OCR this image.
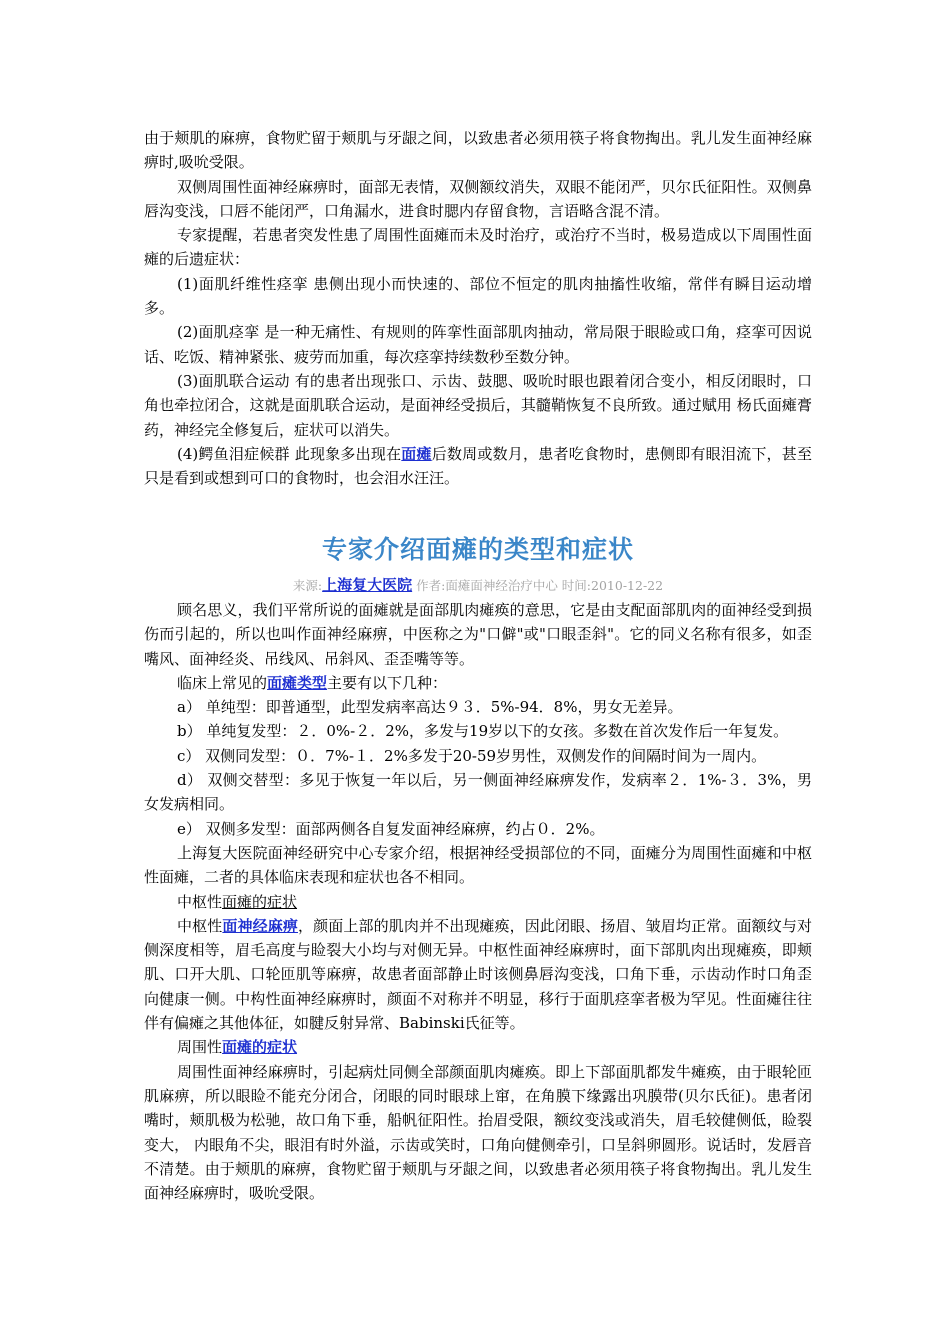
由于颊肌的麻痹，食物贮留于颊肌与牙龈之间，以致患者必须用筷子将食物掏出。乳儿发生面神经麻痹时,吸吮受限。

双侧周围性面神经麻痹时，面部无表情，双侧额纹消失，双眼不能闭严，贝尔氏征阳性。双侧鼻唇沟变浅，口唇不能闭严，口角漏水，进食时腮内存留食物，言语略含混不清。

专家提醒，若患者突发性患了周围性面瘫而未及时治疗，或治疗不当时，极易造成以下周围性面瘫的后遗症状：

(1)面肌纤维性痉挛 患侧出现小而快速的、部位不恒定的肌肉抽搐性收缩，常伴有瞬目运动增多。

(2)面肌痉挛 是一种无痛性、有规则的阵挛性面部肌肉抽动，常局限于眼睑或口角，痉挛可因说话、吃饭、精神紧张、疲劳而加重，每次痉挛持续数秒至数分钟。

(3)面肌联合运动 有的患者出现张口、示齿、鼓腮、吸吮时眼也跟着闭合变小，相反闭眼时，口角也牵拉闭合，这就是面肌联合运动，是面神经受损后，其髓鞘恢复不良所致。通过赋用 杨氏面瘫膏药，神经完全修复后，症状可以消失。

(4)鳄鱼泪症候群 此现象多出现在面瘫后数周或数月，患者吃食物时，患侧即有眼泪流下，甚至只是看到或想到可口的食物时，也会泪水汪汪。

专家介绍面瘫的类型和症状
来源:上海复大医院 作者:面瘫面神经治疗中心 时间:2010-12-22

顾名思义，我们平常所说的面瘫就是面部肌肉瘫痪的意思，它是由支配面部肌肉的面神经受到损伤而引起的，所以也叫作面神经麻痹，中医称之为"口僻"或"口眼歪斜"。它的同义名称有很多，如歪嘴风、面神经炎、吊线风、吊斜风、歪歪嘴等等。

临床上常见的面瘫类型主要有以下几种：

a） 单纯型：即普通型，此型发病率高达９３．5%-94．8%，男女无差异。

b） 单纯复发型：２．0%-２．2%，多发与19岁以下的女孩。多数在首次发作后一年复发。

c） 双侧同发型：０．7%-１．2%多发于20-59岁男性，双侧发作的间隔时间为一周内。

d） 双侧交替型：多见于恢复一年以后，另一侧面神经麻痹发作，发病率２．1%-３．3%，男女发病相同。

e） 双侧多发型：面部两侧各自复发面神经麻痹，约占０．2%。

上海复大医院面神经研究中心专家介绍，根据神经受损部位的不同，面瘫分为周围性面瘫和中枢性面瘫，二者的具体临床表现和症状也各不相同。

中枢性面瘫的症状

中枢性面神经麻痹，颜面上部的肌肉并不出现瘫痪，因此闭眼、扬眉、皱眉均正常。面额纹与对侧深度相等，眉毛高度与睑裂大小均与对侧无异。中枢性面神经麻痹时，面下部肌肉出现瘫痪，即颊肌、口开大肌、口轮匝肌等麻痹，故患者面部静止时该侧鼻唇沟变浅，口角下垂，示齿动作时口角歪向健康一侧。中构性面神经麻痹时，颜面不对称并不明显，移行于面肌痉挛者极为罕见。性面瘫往往伴有偏瘫之其他体征，如腱反射异常、Babinski氏征等。

周围性面瘫的症状

周围性面神经麻痹时，引起病灶同侧全部颜面肌肉瘫痪。即上下部面肌都发牛瘫痪，由于眼轮匝肌麻痹，所以眼睑不能充分闭合，闭眼的同时眼球上窜，在角膜下缘露出巩膜带(贝尔氏征)。患者闭嘴时，颊肌极为松驰，故口角下垂，船帆征阳性。抬眉受限，额纹变浅或消失，眉毛较健侧低，睑裂变大， 内眼角不尖，眼泪有时外溢，示齿或笑时，口角向健侧牵引，口呈斜卵圆形。说话时，发唇音不清楚。由于颊肌的麻痹，食物贮留于颊肌与牙龈之间，以致患者必须用筷子将食物掏出。乳儿发生面神经麻痹时，吸吮受限。
